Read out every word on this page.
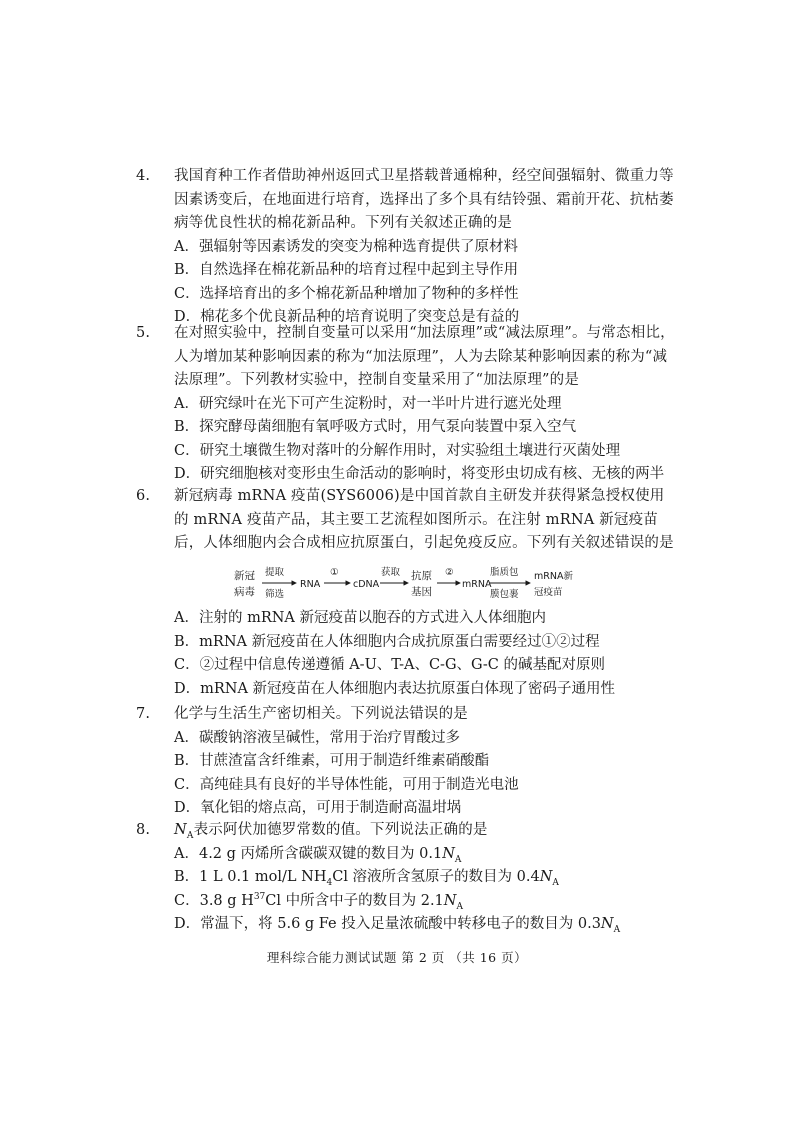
4. 我国育种工作者借助神州返回式卫星搭载普通棉种，经空间强辐射、微重力等因素诱变后，在地面进行培育，选择出了多个具有结铃强、霜前开花、抗枯萎病等优良性状的棉花新品种。下列有关叙述正确的是
A．强辐射等因素诱发的突变为棉种选育提供了原材料
B．自然选择在棉花新品种的培育过程中起到主导作用
C．选择培育出的多个棉花新品种增加了物种的多样性
D．棉花多个优良新品种的培育说明了突变总是有益的
5. 在对照实验中，控制自变量可以采用“加法原理”或“减法原理”。与常态相比，人为增加某种影响因素的称为“加法原理”，人为去除某种影响因素的称为“减法原理”。下列教材实验中，控制自变量采用了“加法原理”的是
A．研究绿叶在光下可产生淀粉时，对一半叶片进行遮光处理
B．探究酵母菌细胞有氧呼吸方式时，用气泵向装置中泵入空气
C．研究土壤微生物对落叶的分解作用时，对实验组土壤进行灭菌处理
D．研究细胞核对变形虫生命活动的影响时，将变形虫切成有核、无核的两半
6. 新冠病毒 mRNA 疫苗(SYS6006)是中国首款自主研发并获得紧急授权使用的 mRNA 疫苗产品，其主要工艺流程如图所示。在注射 mRNA 新冠疫苗后，人体细胞内会合成相应抗原蛋白，引起免疫反应。下列有关叙述错误的是
新冠
病毒
提取
筛选
RNA
①
cDNA
获取 抗原
基因
②
mRNA
脂质包
膜包裹
mRNA新
冠疫苗
A．注射的 mRNA 新冠疫苗以胞吞的方式进入人体细胞内
B．mRNA 新冠疫苗在人体细胞内合成抗原蛋白需要经过①②过程
C．②过程中信息传递遵循 A-U、T-A、C-G、G-C 的碱基配对原则
D．mRNA 新冠疫苗在人体细胞内表达抗原蛋白体现了密码子通用性
7. 化学与生活生产密切相关。下列说法错误的是
A．碳酸钠溶液呈碱性，常用于治疗胃酸过多
B．甘蔗渣富含纤维素，可用于制造纤维素硝酸酯
C．高纯硅具有良好的半导体性能，可用于制造光电池
D．氧化铝的熔点高，可用于制造耐高温坩埚
8. $N_A$表示阿伏加德罗常数的值。下列说法正确的是
A．4.2 g 丙烯所含碳碳双键的数目为 $0.1N_A$
B．1 L 0.1 mol/L $NH_4Cl$ 溶液所含氢原子的数目为 $0.4N_A$
C．3.8 g $H^{37}Cl$ 中所含中子的数目为 $2.1N_A$
D．常温下，将 5.6 g Fe 投入足量浓硫酸中转移电子的数目为 $0.3N_A$
理科综合能力测试试题 第 2 页 （共 16 页）
